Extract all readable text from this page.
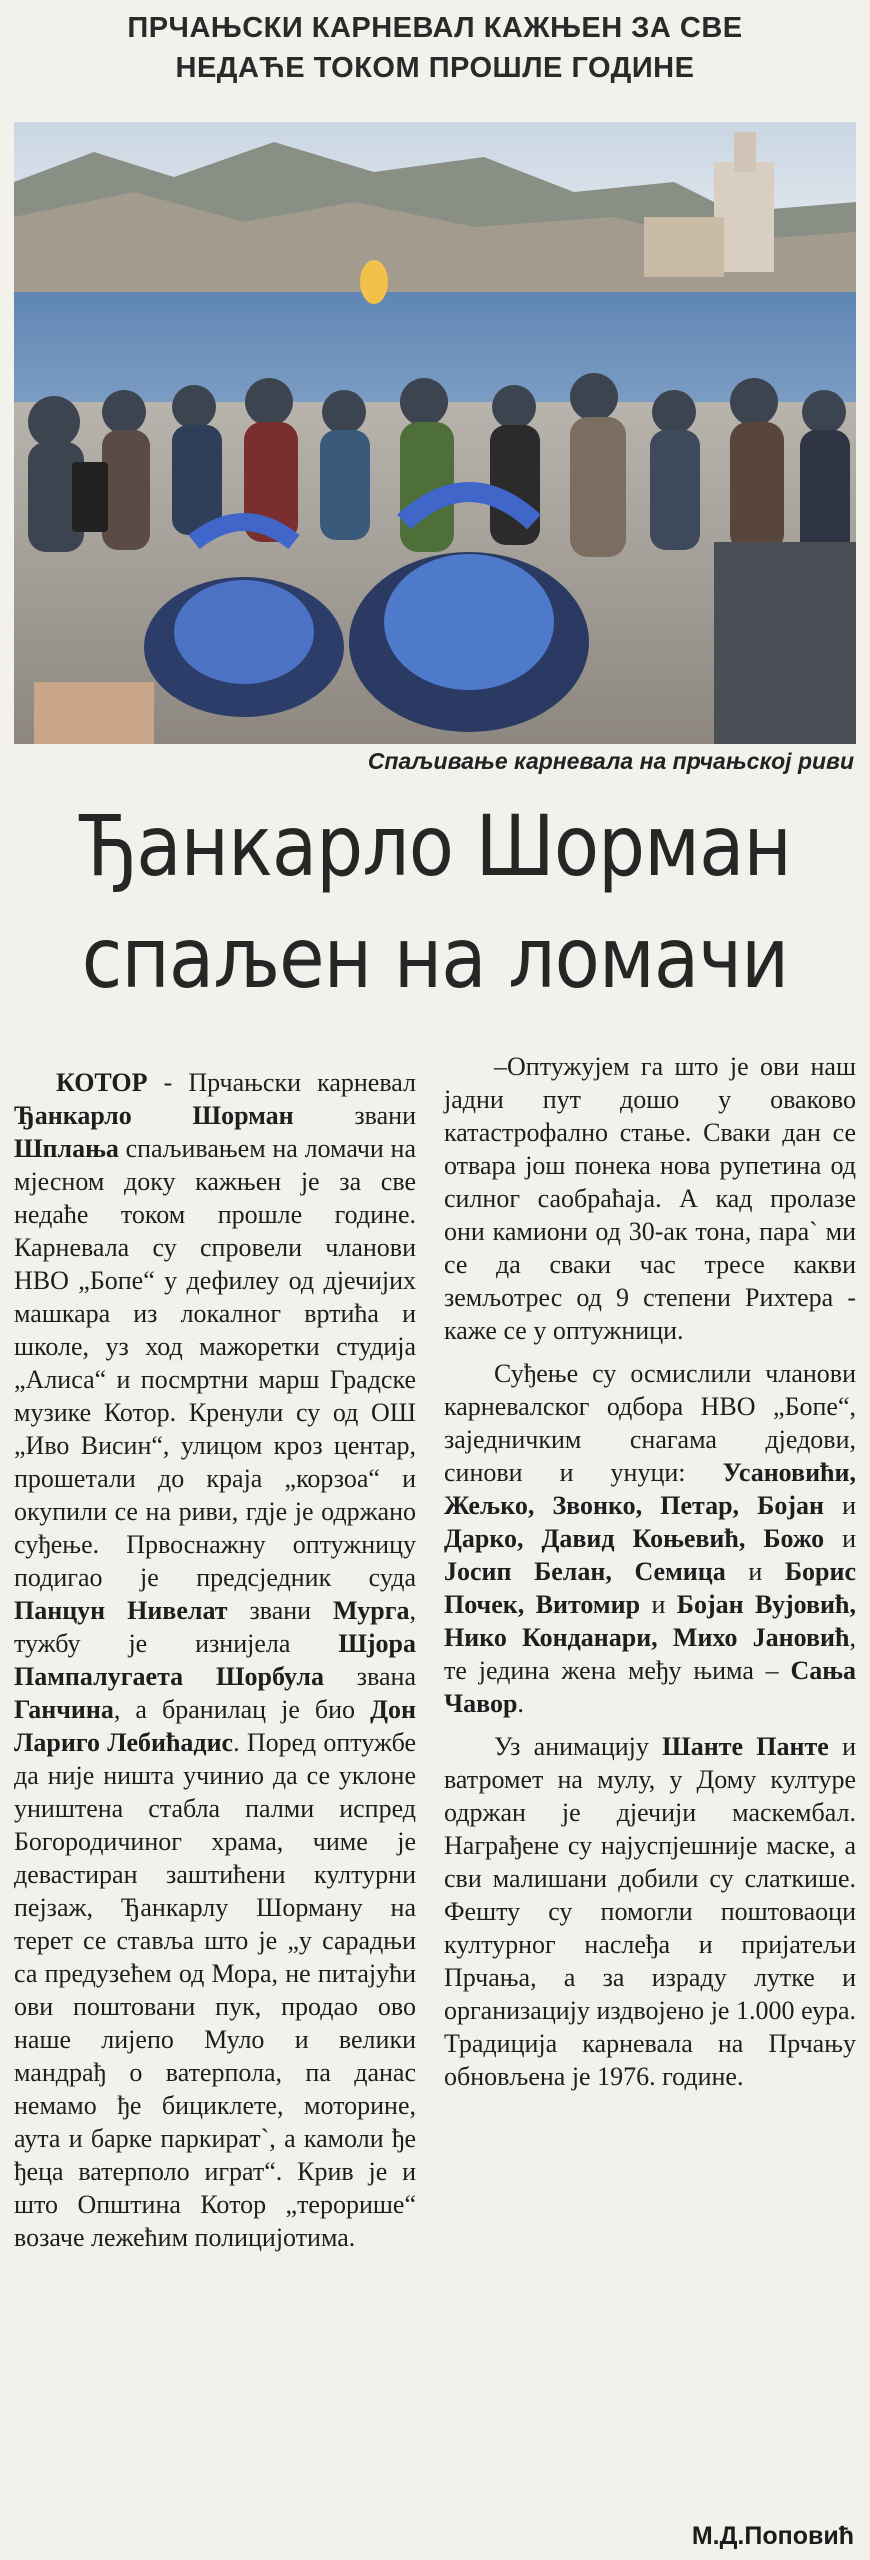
ПРЧАЊСКИ КАРНЕВАЛ КАЖЊЕН ЗА СВЕ
НЕДАЋЕ ТОКОМ ПРОШЛЕ ГОДИНЕ
Спаљивање карневала на прчањској риви
Ђанкарло Шорман
спаљен на ломачи

КОТОР - Прчањски карневал Ђанкарло Шорман звани Шплања спаљивањем на ломачи на мјесном доку кажњен је за све недаће током прошле године. Карневала су спровели чланови НВО „Бопе“ у дефилеу од дјечијих машкара из локалног вртића и школе, уз ход мажоретки студија „Алиса“ и посмртни марш Градске музике Котор. Кренули су од ОШ „Иво Висин“, улицом кроз центар, прошетали до краја „корзоа“ и окупили се на риви, гдје је одржано суђење. Првоснажну оптужницу подигао је предсједник суда Панцун Нивелат звани Мурга, тужбу је изнијела Шјора Пампалугаета Шорбула звана Ганчина, а бранилац је био Дон Лариго Лебићадис. Поред оптужбе да није ништа учинио да се уклоне уништена стабла палми испред Богородичиног храма, чиме је девастиран заштићени културни пејзаж, Ђанкарлу Шорману на терет се ставља што је „у сарадњи са предузећем од Мора, не питајући ови поштовани пук, продао ово наше лијепо Муло и велики мандрађ о ватерпола, па данас немамо ђе бициклете, моторине, аута и барке паркират`, а камоли ђе ђеца ватерполо играт“. Крив је и што Општина Котор „терорише“ возаче лежећим полицијотима.

–Оптужујем га што је ови наш јадни пут дошо у оваково катастрофално стање. Сваки дан се отвара још понека нова рупетина од силног саобраћаја. А кад пролазе они камиони од 30-ак тона, пара` ми се да сваки час тресе какви земљотрес од 9 степени Рихтера - каже се у оптужници.

Суђење су осмислили чланови карневалског одбора НВО „Бопе“, заједничким снагама дједови, синови и унуци: Усановићи, Жељко, Звонко, Петар, Бојан и Дарко, Давид Коњевић, Божо и Јосип Белан, Семица и Борис Почек, Витомир и Бојан Вујовић, Нико Конданари, Михо Јановић, те једина жена међу њима – Сања Чавор.

Уз анимацију Шанте Панте и ватромет на мулу, у Дому културе одржан је дјечији маскембал. Награђене су најуспјешније маске, а сви малишани добили су слаткише. Фешту су помогли поштоваоци културног наслеђа и пријатељи Прчања, а за израду лутке и организацију издвојено је 1.000 еура. Традиција карневала на Прчању обновљена је 1976. године.

М.Д.Поповић
